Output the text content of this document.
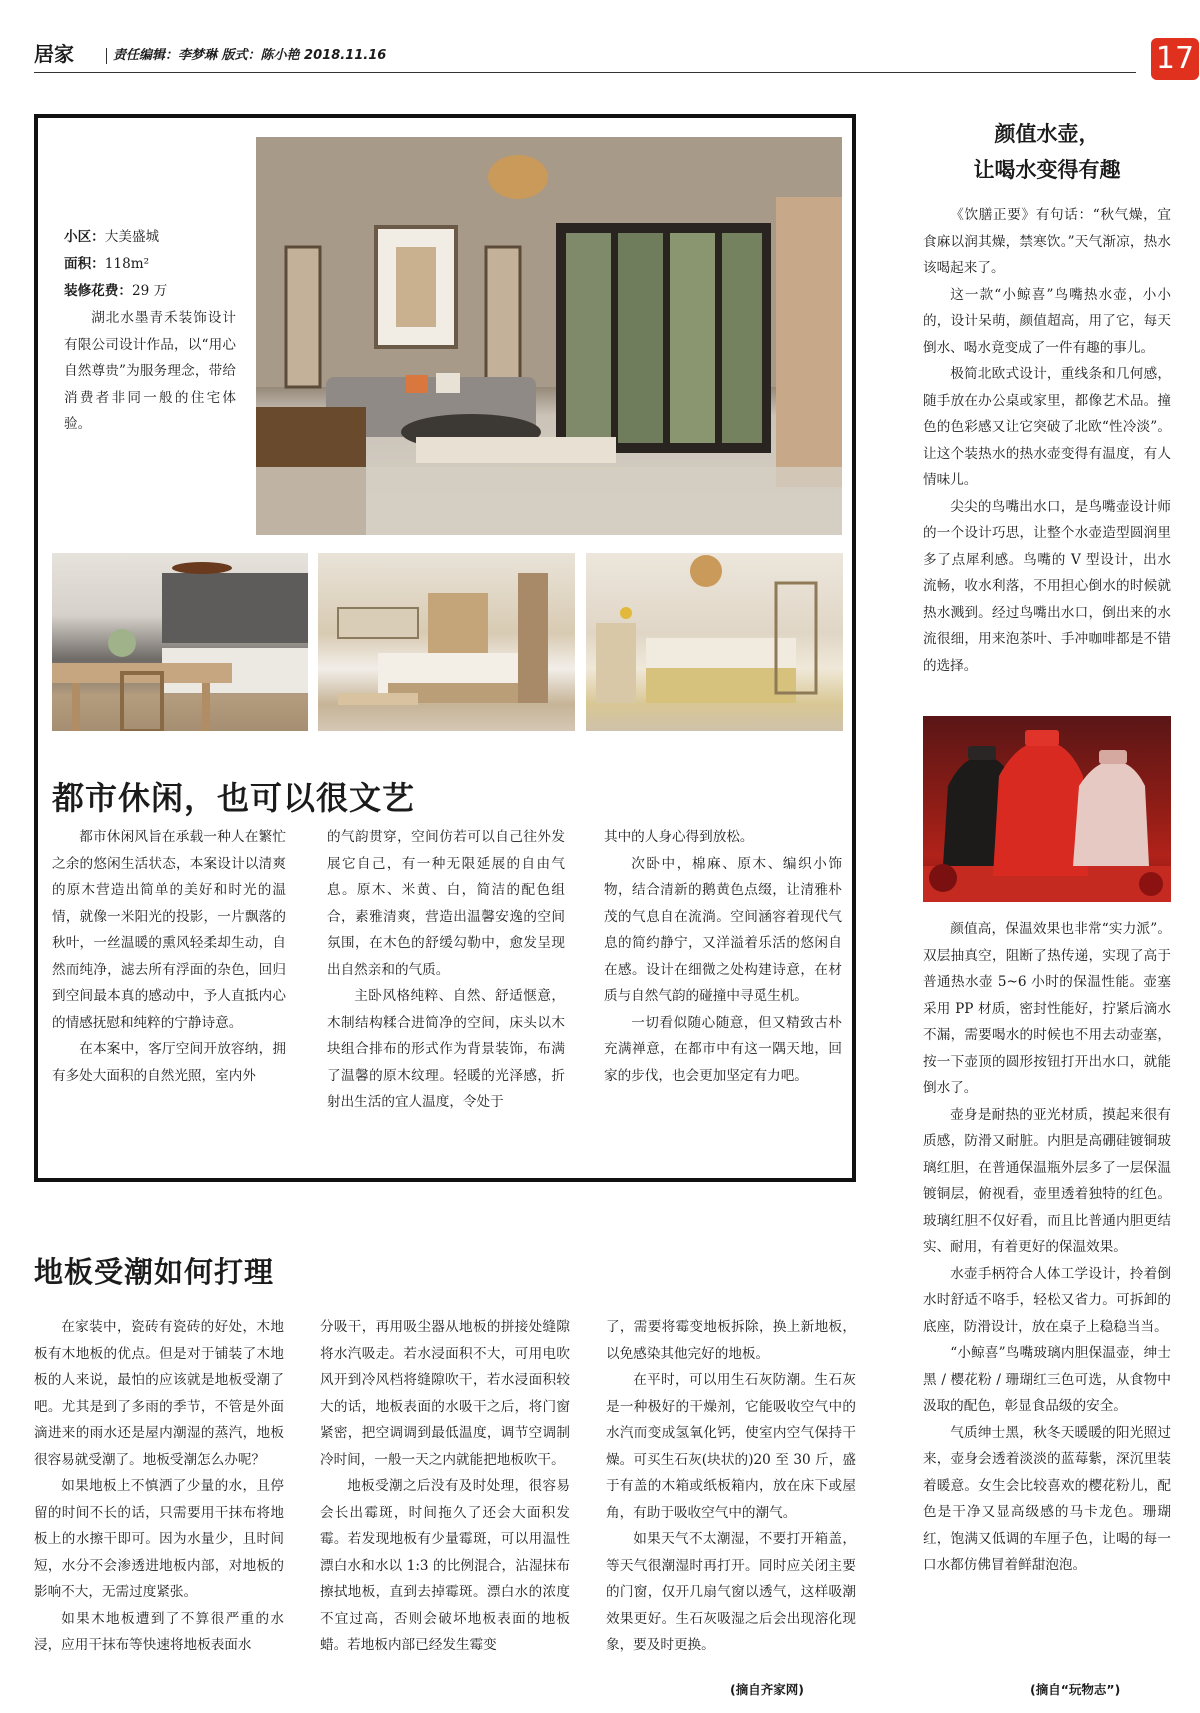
居家	责任编辑：李梦琳 版式：陈小艳 2018.11.16	17
小区：大美盛城
面积：118m²
装修花费：29 万
湖北水墨青禾装饰设计有限公司设计作品，以“用心自然尊贵”为服务理念，带给消费者非同一般的住宅体验。
都市休闲，也可以很文艺

都市休闲风旨在承载一种人在繁忙之余的悠闲生活状态，本案设计以清爽的原木营造出简单的美好和时光的温情，就像一米阳光的投影，一片飘落的秋叶，一丝温暖的熏风轻柔却生动，自然而纯净，滤去所有浮面的杂色，回归到空间最本真的感动中，予人直抵内心的情感抚慰和纯粹的宁静诗意。

在本案中，客厅空间开放容纳，拥有多处大面积的自然光照，室内外

的气韵贯穿，空间仿若可以自己往外发展它自己，有一种无限延展的自由气息。原木、米黄、白，简洁的配色组合，素雅清爽，营造出温馨安逸的空间氛围，在木色的舒缓勾勒中，愈发呈现出自然亲和的气质。

主卧风格纯粹、自然、舒适惬意，木制结构糅合进简净的空间，床头以木块组合排布的形式作为背景装饰，布满了温馨的原木纹理。轻暖的光泽感，折射出生活的宜人温度，令处于

其中的人身心得到放松。

次卧中，棉麻、原木、编织小饰物，结合清新的鹅黄色点缀，让清雅朴茂的气息自在流淌。空间涵容着现代气息的简约静宁，又洋溢着乐活的悠闲自在感。设计在细微之处构建诗意，在材质与自然气韵的碰撞中寻觅生机。

一切看似随心随意，但又精致古朴充满禅意，在都市中有这一隅天地，回家的步伐，也会更加坚定有力吧。

地板受潮如何打理

在家装中，瓷砖有瓷砖的好处，木地板有木地板的优点。但是对于铺装了木地板的人来说，最怕的应该就是地板受潮了吧。尤其是到了多雨的季节，不管是外面滴进来的雨水还是屋内潮湿的蒸汽，地板很容易就受潮了。地板受潮怎么办呢？

如果地板上不慎洒了少量的水，且停留的时间不长的话，只需要用干抹布将地板上的水擦干即可。因为水量少，且时间短，水分不会渗透进地板内部，对地板的影响不大，无需过度紧张。

如果木地板遭到了不算很严重的水浸，应用干抹布等快速将地板表面水

分吸干，再用吸尘器从地板的拼接处缝隙将水汽吸走。若水浸面积不大，可用电吹风开到冷风档将缝隙吹干，若水浸面积较大的话，地板表面的水吸干之后，将门窗紧密，把空调调到最低温度，调节空调制冷时间，一般一天之内就能把地板吹干。

地板受潮之后没有及时处理，很容易会长出霉斑，时间拖久了还会大面积发霉。若发现地板有少量霉斑，可以用温性漂白水和水以 1:3 的比例混合，沾湿抹布擦拭地板，直到去掉霉斑。漂白水的浓度不宜过高，否则会破坏地板表面的地板蜡。若地板内部已经发生霉变

了，需要将霉变地板拆除，换上新地板，以免感染其他完好的地板。

在平时，可以用生石灰防潮。生石灰是一种极好的干燥剂，它能吸收空气中的水汽而变成氢氧化钙，使室内空气保持干燥。可买生石灰(块状的)20 至 30 斤，盛于有盖的木箱或纸板箱内，放在床下或屋角，有助于吸收空气中的潮气。

如果天气不太潮湿，不要打开箱盖，等天气很潮湿时再打开。同时应关闭主要的门窗，仅开几扇气窗以透气，这样吸潮效果更好。生石灰吸湿之后会出现溶化现象，要及时更换。

(摘自齐家网)
颜值水壶，
让喝水变得有趣

《饮膳正要》有句话：“秋气燥，宜食麻以润其燥，禁寒饮。”天气渐凉，热水该喝起来了。

这一款“小鲸喜”鸟嘴热水壶，小小的，设计呆萌，颜值超高，用了它，每天倒水、喝水竟变成了一件有趣的事儿。

极简北欧式设计，重线条和几何感，随手放在办公桌或家里，都像艺术品。撞色的色彩感又让它突破了北欧“性冷淡”。让这个装热水的热水壶变得有温度，有人情味儿。

尖尖的鸟嘴出水口，是鸟嘴壶设计师的一个设计巧思，让整个水壶造型圆润里多了点犀利感。鸟嘴的 V 型设计，出水流畅，收水利落，不用担心倒水的时候就热水溅到。经过鸟嘴出水口，倒出来的水流很细，用来泡茶叶、手冲咖啡都是不错的选择。

颜值高，保温效果也非常“实力派”。双层抽真空，阻断了热传递，实现了高于普通热水壶 5~6 小时的保温性能。壶塞采用 PP 材质，密封性能好，拧紧后滴水不漏，需要喝水的时候也不用去动壶塞，按一下壶顶的圆形按钮打开出水口，就能倒水了。

壶身是耐热的亚光材质，摸起来很有质感，防滑又耐脏。内胆是高硼硅镀铜玻璃红胆，在普通保温瓶外层多了一层保温镀铜层，俯视看，壶里透着独特的红色。玻璃红胆不仅好看，而且比普通内胆更结实、耐用，有着更好的保温效果。

水壶手柄符合人体工学设计，拎着倒水时舒适不咯手，轻松又省力。可拆卸的底座，防滑设计，放在桌子上稳稳当当。

“小鲸喜”鸟嘴玻璃内胆保温壶，绅士黑 / 樱花粉 / 珊瑚红三色可选，从食物中汲取的配色，彰显食品级的安全。

气质绅士黑，秋冬天暖暖的阳光照过来，壶身会透着淡淡的蓝莓紫，深沉里装着暖意。女生会比较喜欢的樱花粉儿，配色是干净又显高级感的马卡龙色。珊瑚红，饱满又低调的车厘子色，让喝的每一口水都仿佛冒着鲜甜泡泡。

(摘自“玩物志”)
